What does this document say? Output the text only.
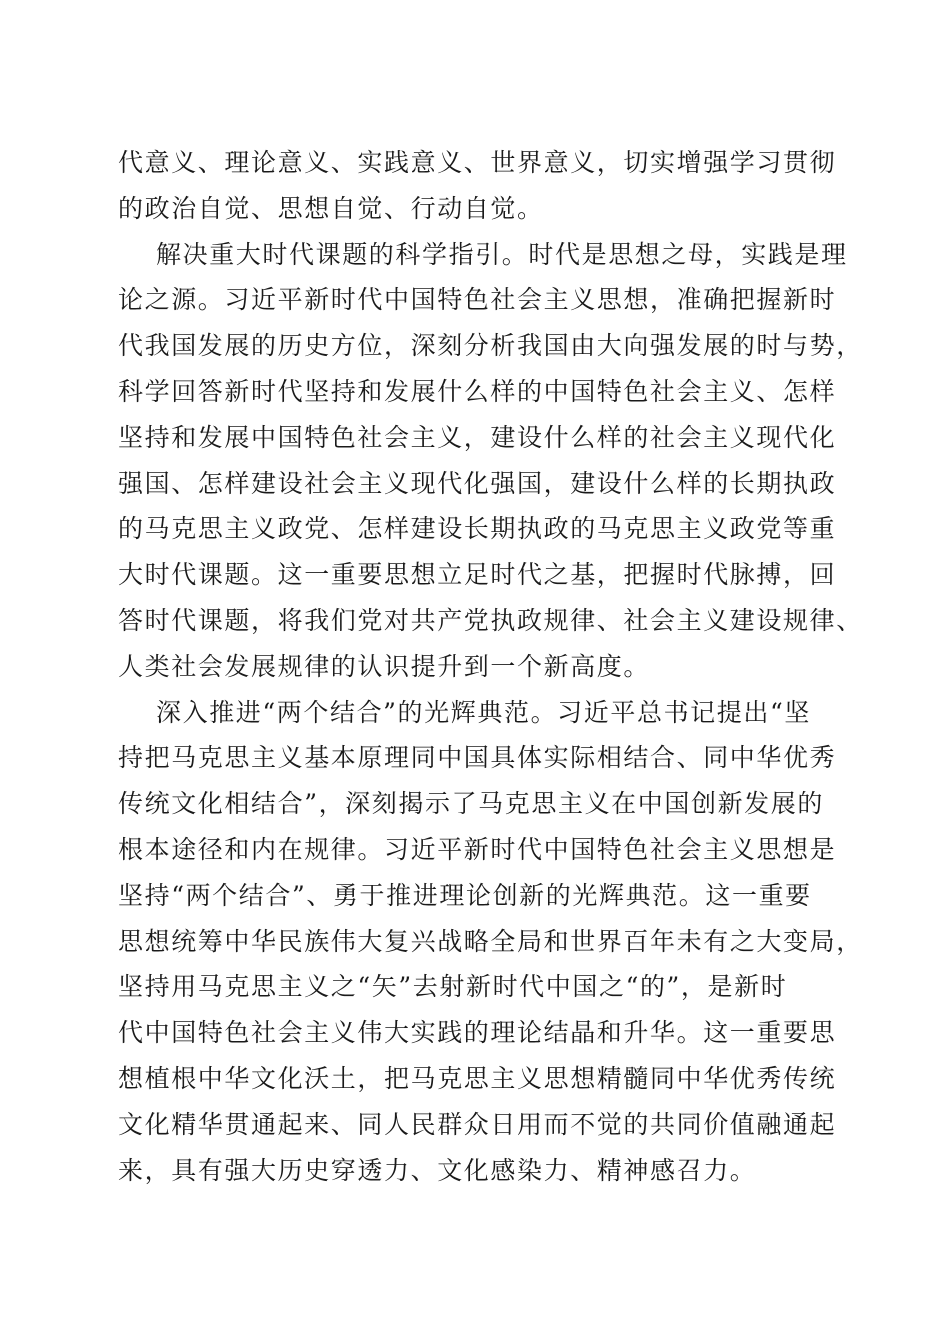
代意义、理论意义、实践意义、世界意义，切实增强学习贯彻
的政治自觉、思想自觉、行动自觉。
解决重大时代课题的科学指引。时代是思想之母，实践是理
论之源。习近平新时代中国特色社会主义思想，准确把握新时
代我国发展的历史方位，深刻分析我国由大向强发展的时与势，
科学回答新时代坚持和发展什么样的中国特色社会主义、怎样
坚持和发展中国特色社会主义，建设什么样的社会主义现代化
强国、怎样建设社会主义现代化强国，建设什么样的长期执政
的马克思主义政党、怎样建设长期执政的马克思主义政党等重
大时代课题。这一重要思想立足时代之基，把握时代脉搏，回
答时代课题，将我们党对共产党执政规律、社会主义建设规律、
人类社会发展规律的认识提升到一个新高度。
深入推进“两个结合”的光辉典范。习近平总书记提出“坚
持把马克思主义基本原理同中国具体实际相结合、同中华优秀
传统文化相结合”，深刻揭示了马克思主义在中国创新发展的
根本途径和内在规律。习近平新时代中国特色社会主义思想是
坚持“两个结合”、勇于推进理论创新的光辉典范。这一重要
思想统筹中华民族伟大复兴战略全局和世界百年未有之大变局，
坚持用马克思主义之“矢”去射新时代中国之“的”，是新时
代中国特色社会主义伟大实践的理论结晶和升华。这一重要思
想植根中华文化沃土，把马克思主义思想精髓同中华优秀传统
文化精华贯通起来、同人民群众日用而不觉的共同价值融通起
来，具有强大历史穿透力、文化感染力、精神感召力。
